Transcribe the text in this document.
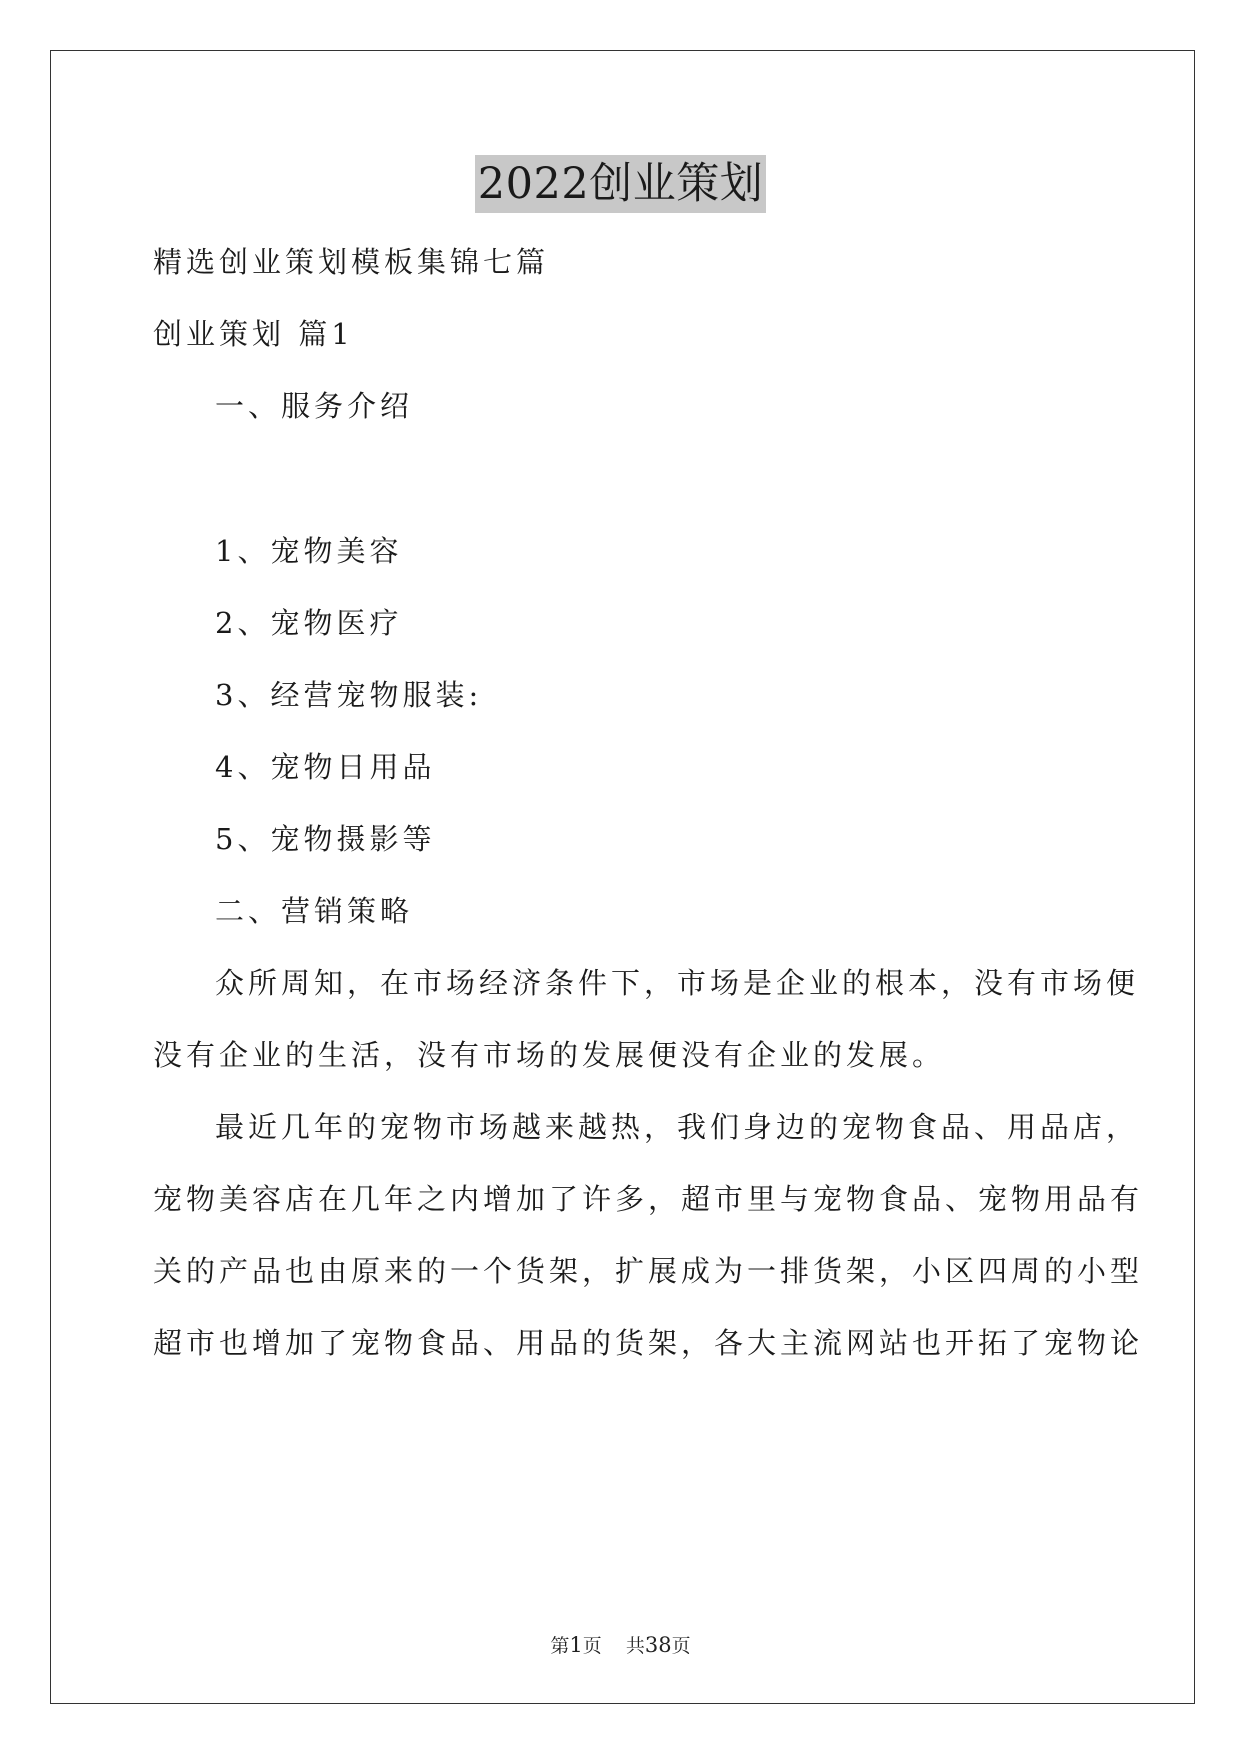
2022创业策划
精选创业策划模板集锦七篇
创业策划 篇1
一、服务介绍
1、宠物美容
2、宠物医疗
3、经营宠物服装:
4、宠物日用品
5、宠物摄影等
二、营销策略
众所周知，在市场经济条件下，市场是企业的根本，没有市场便
没有企业的生活，没有市场的发展便没有企业的发展。
最近几年的宠物市场越来越热，我们身边的宠物食品、用品店，
宠物美容店在几年之内增加了许多，超市里与宠物食品、宠物用品有
关的产品也由原来的一个货架，扩展成为一排货架，小区四周的小型
超市也增加了宠物食品、用品的货架，各大主流网站也开拓了宠物论
第1页 共38页
